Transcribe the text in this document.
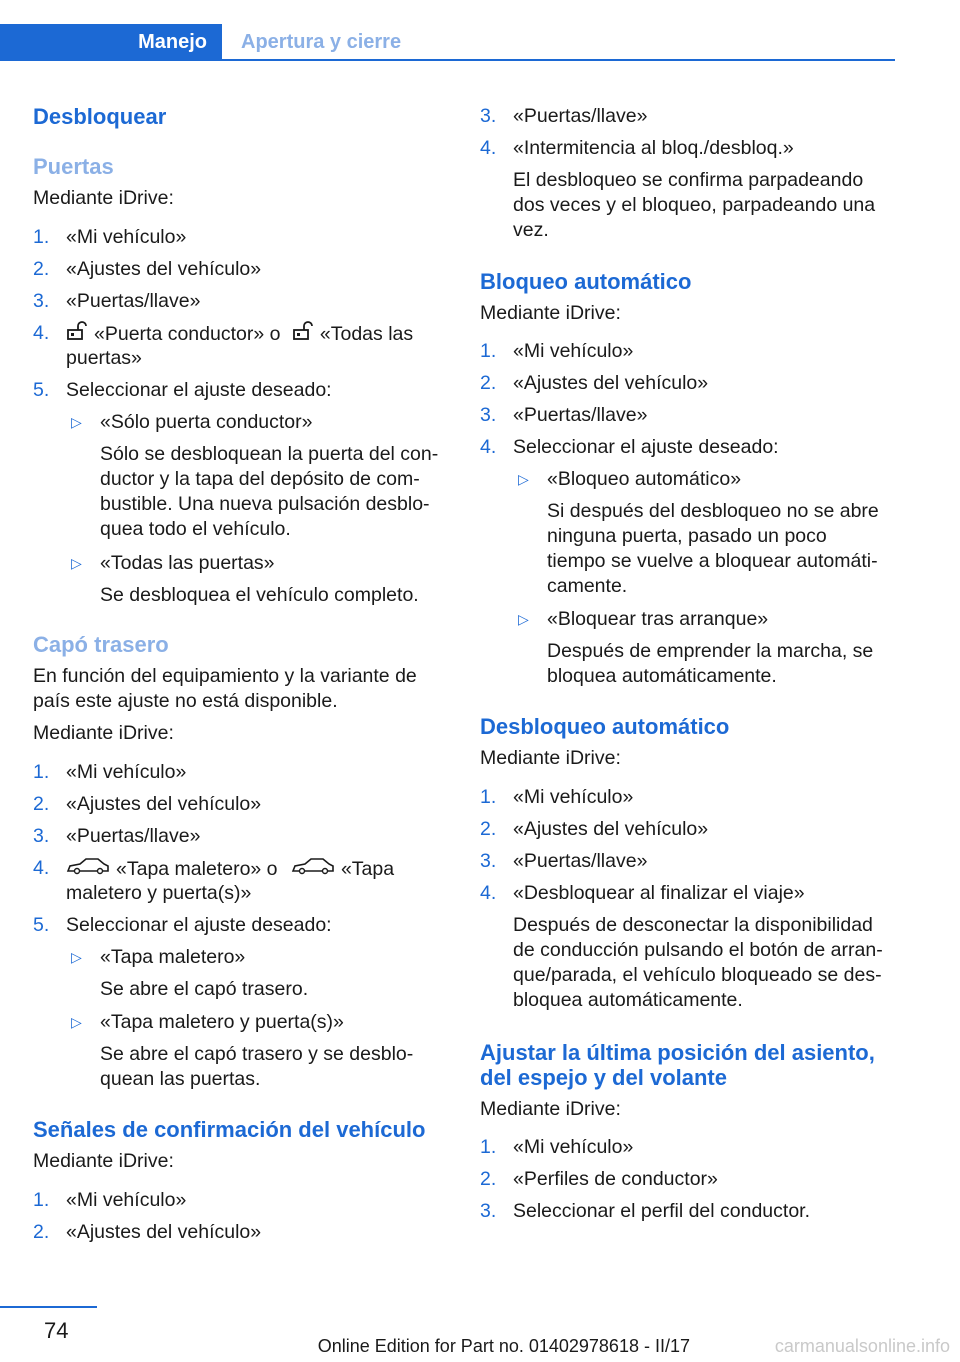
Manejo	Apertura y cierre
Desbloquear
Puertas
Mediante iDrive:
1. «Mi vehículo»
2. «Ajustes del vehículo»
3. «Puertas/llave»
4.	«Puerta conductor» o «Todas las
puertas»
5. Seleccionar el ajuste deseado:
▷ «Sólo puerta conductor»
Sólo se desbloquean la puerta del con-
ductor y la tapa del depósito de com-
bustible. Una nueva pulsación desblo-
quea todo el vehículo.
▷ «Todas las puertas»
Se desbloquea el vehículo completo.
Capó trasero
En función del equipamiento y la variante de
país este ajuste no está disponible.
Mediante iDrive:
1. «Mi vehículo»
2. «Ajustes del vehículo»
3. «Puertas/llave»
4.	«Tapa maletero» o	«Tapa
maletero y puerta(s)»
5. Seleccionar el ajuste deseado:
▷ «Tapa maletero»
Se abre el capó trasero.
▷ «Tapa maletero y puerta(s)»
Se abre el capó trasero y se desblo-
quean las puertas.
Señales de confirmación del vehículo
Mediante iDrive:
1. «Mi vehículo»
2. «Ajustes del vehículo»
3. «Puertas/llave»
4. «Intermitencia al bloq./desbloq.»
El desbloqueo se confirma parpadeando
dos veces y el bloqueo, parpadeando una
vez.
Bloqueo automático
Mediante iDrive:
1. «Mi vehículo»
2. «Ajustes del vehículo»
3. «Puertas/llave»
4. Seleccionar el ajuste deseado:
▷ «Bloqueo automático»
Si después del desbloqueo no se abre
ninguna puerta, pasado un poco
tiempo se vuelve a bloquear automáti-
camente.
▷ «Bloquear tras arranque»
Después de emprender la marcha, se
bloquea automáticamente.
Desbloqueo automático
Mediante iDrive:
1. «Mi vehículo»
2. «Ajustes del vehículo»
3. «Puertas/llave»
4. «Desbloquear al finalizar el viaje»
Después de desconectar la disponibilidad
de conducción pulsando el botón de arran-
que/parada, el vehículo bloqueado se des-
bloquea automáticamente.
Ajustar la última posición del asiento,
del espejo y del volante
Mediante iDrive:
1. «Mi vehículo»
2. «Perfiles de conductor»
3. Seleccionar el perfil del conductor.
74
Online Edition for Part no. 01402978618 - II/17	carmanualsonline.info
